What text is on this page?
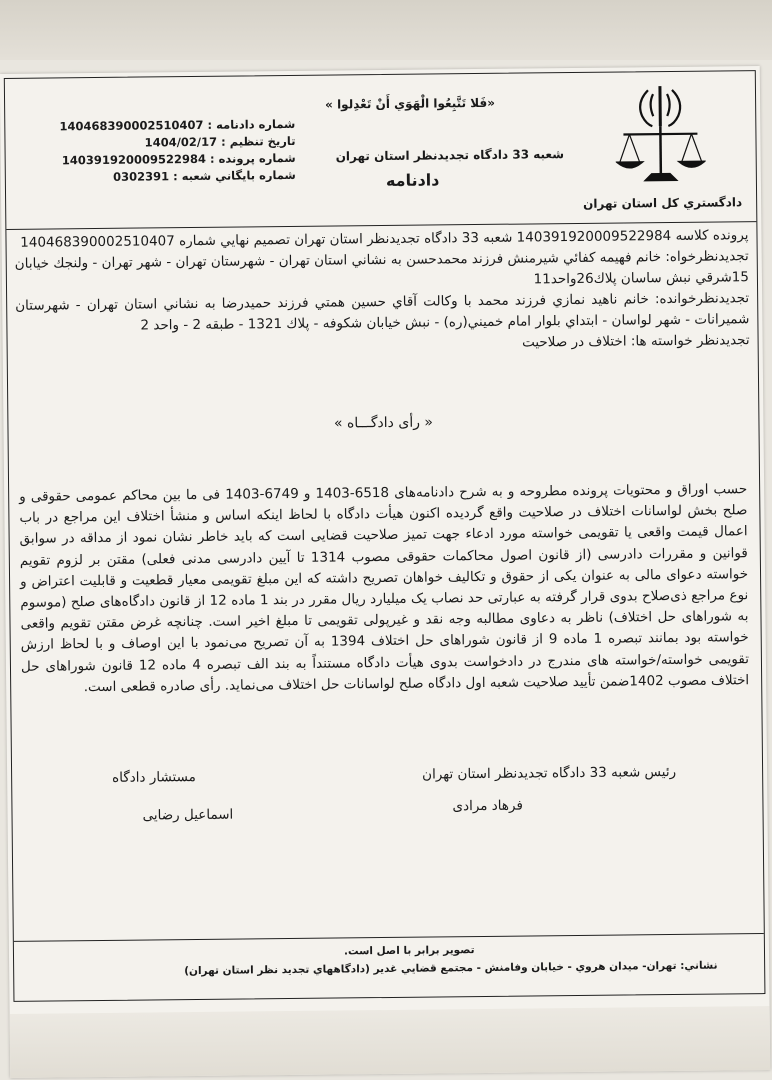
دادگستري كل استان تهران
«فَلا تَتَّبِعُوا الْهَوَي أَنْ تَعْدِلوا »
شعبه 33 دادگاه تجديدنظر استان تهران
دادنامه
شماره دادنامه : 140468390002510407
تاريخ تنظيم : 1404/02/17
شماره پرونده : 140391920009522984
شماره بايگاني شعبه : 0302391

پرونده كلاسه 140391920009522984 شعبه 33 دادگاه تجديدنظر استان تهران تصميم نهايي شماره 140468390002510407

تجديدنظرخواه: خانم فهيمه كفائي شيرمنش فرزند محمدحسن به نشاني استان تهران - شهرستان تهران - شهر تهران - ولنجك خيابان 15شرقي نبش ساسان پلاك26واحد11

تجديدنظرخوانده: خانم ناهيد نمازي فرزند محمد با وكالت آقاي حسين همتي فرزند حميدرضا به نشاني استان تهران - شهرستان شميرانات - شهر لواسان - ابتداي بلوار امام خميني(ره) - نبش خيابان شكوفه - پلاك 1321 - طبقه 2 - واحد 2

تجديدنظر خواسته ها: اختلاف در صلاحيت

« رأی دادگـــاه »
حسب اوراق و محتويات پرونده مطروحه و به شرح دادنامه‌های 6518-1403 و 6749-1403 فی ما بین محاکم عمومی حقوقی و صلح بخش لواسانات اختلاف در صلاحيت واقع گرديده اکنون هيأت دادگاه با لحاظ اینکه اساس و منشأ اختلاف اين مراجع در باب اعمال قيمت واقعی يا تقويمی خواسته مورد ادعاء جهت تميز صلاحيت قضايی است که بايد خاطر نشان نمود از مداقه در سوابق قوانين و مقررات دادرسی (از قانون اصول محاکمات حقوقی مصوب 1314 تا آيين دادرسی مدنی فعلی) مقتن بر لزوم تقويم خواسته دعوای مالی به عنوان يکی از حقوق و تکاليف خواهان تصريح داشته که اين مبلغ تقويمی معيار قطعيت و قابليت اعتراض و نوع مراجع ذی‌صلاح بدوی قرار گرفته به عبارتی حد نصاب يک ميليارد ريال مقرر در بند 1 ماده 12 از قانون دادگاه‌های صلح (موسوم به شوراهای حل اختلاف) ناظر به دعاوی مطالبه وجه نقد و غيرپولی تقويمی تا مبلغ اخير است. چنانچه غرض مقتن تقويم واقعی خواسته بود بمانند تبصره 1 ماده 9 از قانون شوراهای حل اختلاف 1394 به آن تصريح می‌نمود با اين اوصاف و با لحاظ ارزش تقويمی خواسته/خواسته های مندرج در دادخواست بدوی هيأت دادگاه مستنداً به بند الف تبصره 4 ماده 12 قانون شوراهای حل اختلاف مصوب 1402ضمن تأييد صلاحيت شعبه اول دادگاه صلح لواسانات حل اختلاف می‌نمايد. رأی صادره قطعی است.
رئيس شعبه 33 دادگاه تجديدنظر استان تهران
فرهاد مرادى
مستشار دادگاه
اسماعيل رضايى
تصوير برابر با اصل است.
نشاني: تهران- ميدان هروي - خيابان وفامنش - مجتمع قضايي غدير (دادگاههاي تجديد نظر استان تهران)
